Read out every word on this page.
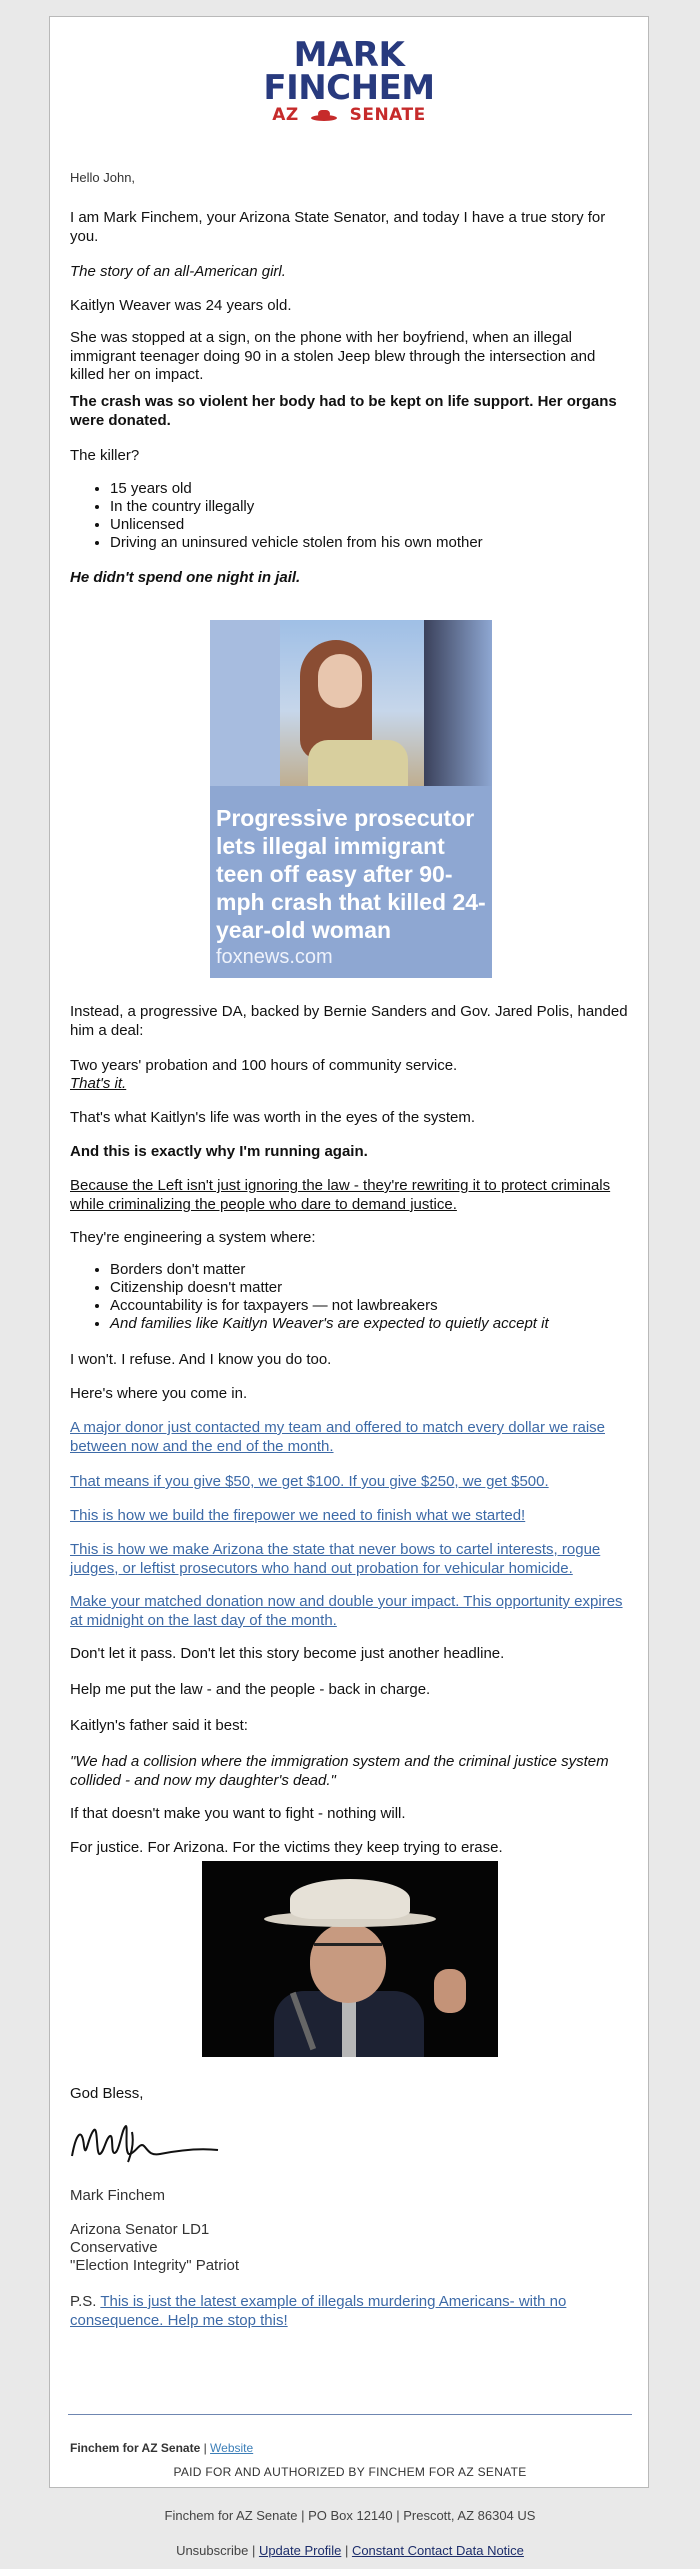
MARK
FINCHEM
AZ	SENATE

Hello John,

I am Mark Finchem, your Arizona State Senator, and today I have a true story for you.

The story of an all-American girl.

Kaitlyn Weaver was 24 years old.

She was stopped at a sign, on the phone with her boyfriend, when an illegal immigrant teenager doing 90 in a stolen Jeep blew through the intersection and killed her on impact.

The crash was so violent her body had to be kept on life support. Her organs were donated.

The killer?

• 15 years old
• In the country illegally
• Unlicensed
• Driving an uninsured vehicle stolen from his own mother

He didn't spend one night in jail.

Progressive prosecutor lets illegal immigrant teen off easy after 90-mph crash that killed 24-year-old woman
foxnews.com

Instead, a progressive DA, backed by Bernie Sanders and Gov. Jared Polis, handed him a deal:

Two years' probation and 100 hours of community service.

That's it.

That's what Kaitlyn's life was worth in the eyes of the system.

And this is exactly why I'm running again.

Because the Left isn't just ignoring the law - they're rewriting it to protect criminals while criminalizing the people who dare to demand justice.

They're engineering a system where:

• Borders don't matter
• Citizenship doesn't matter
• Accountability is for taxpayers — not lawbreakers
• And families like Kaitlyn Weaver's are expected to quietly accept it

I won't. I refuse. And I know you do too.

Here's where you come in.

A major donor just contacted my team and offered to match every dollar we raise between now and the end of the month.

That means if you give $50, we get $100. If you give $250, we get $500.

This is how we build the firepower we need to finish what we started!

This is how we make Arizona the state that never bows to cartel interests, rogue judges, or leftist prosecutors who hand out probation for vehicular homicide.

Make your matched donation now and double your impact. This opportunity expires at midnight on the last day of the month.

Don't let it pass. Don't let this story become just another headline.

Help me put the law - and the people - back in charge.

Kaitlyn's father said it best:

"We had a collision where the immigration system and the criminal justice system collided - and now my daughter's dead."

If that doesn't make you want to fight - nothing will.

For justice. For Arizona. For the victims they keep trying to erase.

God Bless,

Mark Finchem

Arizona Senator LD1

Conservative

"Election Integrity" Patriot

P.S. This is just the latest example of illegals murdering Americans- with no consequence. Help me stop this!

Finchem for AZ Senate | Website
PAID FOR AND AUTHORIZED BY FINCHEM FOR AZ SENATE
Finchem for AZ Senate | PO Box 12140 | Prescott, AZ 86304 US
Unsubscribe | Update Profile | Constant Contact Data Notice
